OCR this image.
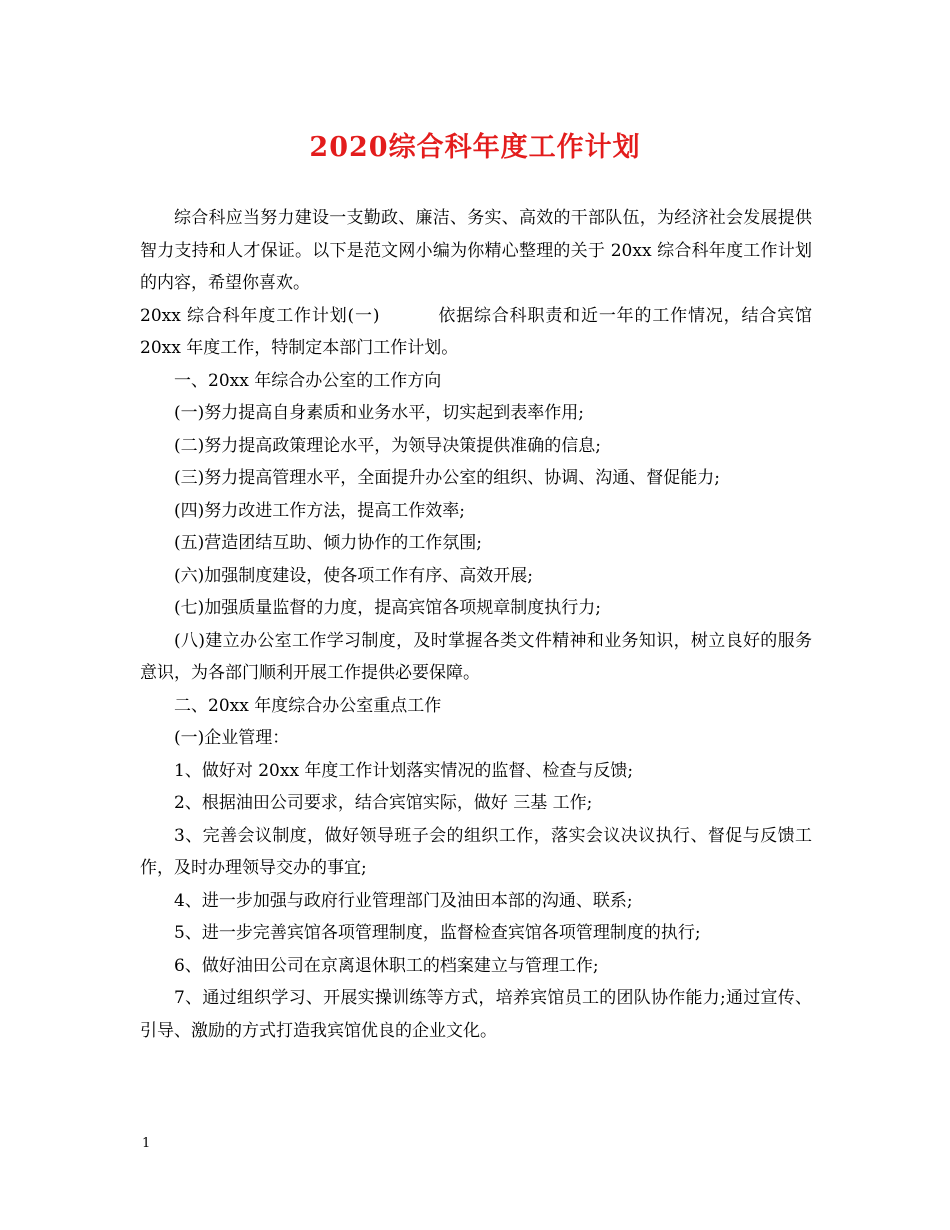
2020综合科年度工作计划

综合科应当努力建设一支勤政、廉洁、务实、高效的干部队伍，为经济社会发展提供智力支持和人才保证。以下是范文网小编为你精心整理的关于 20xx 综合科年度工作计划的内容，希望你喜欢。

20xx 综合科年度工作计划(一)	依据综合科职责和近一年的工作情况，结合宾馆 20xx 年度工作，特制定本部门工作计划。

一、20xx 年综合办公室的工作方向

(一)努力提高自身素质和业务水平，切实起到表率作用;

(二)努力提高政策理论水平，为领导决策提供准确的信息;

(三)努力提高管理水平，全面提升办公室的组织、协调、沟通、督促能力;

(四)努力改进工作方法，提高工作效率;

(五)营造团结互助、倾力协作的工作氛围;

(六)加强制度建设，使各项工作有序、高效开展;

(七)加强质量监督的力度，提高宾馆各项规章制度执行力;

(八)建立办公室工作学习制度，及时掌握各类文件精神和业务知识，树立良好的服务意识，为各部门顺利开展工作提供必要保障。

二、20xx 年度综合办公室重点工作

(一)企业管理：

1、做好对 20xx 年度工作计划落实情况的监督、检查与反馈;

2、根据油田公司要求，结合宾馆实际，做好 三基 工作;

3、完善会议制度，做好领导班子会的组织工作，落实会议决议执行、督促与反馈工作，及时办理领导交办的事宜;

4、进一步加强与政府行业管理部门及油田本部的沟通、联系;

5、进一步完善宾馆各项管理制度，监督检查宾馆各项管理制度的执行;

6、做好油田公司在京离退休职工的档案建立与管理工作;

7、通过组织学习、开展实操训练等方式，培养宾馆员工的团队协作能力;通过宣传、引导、激励的方式打造我宾馆优良的企业文化。

1
